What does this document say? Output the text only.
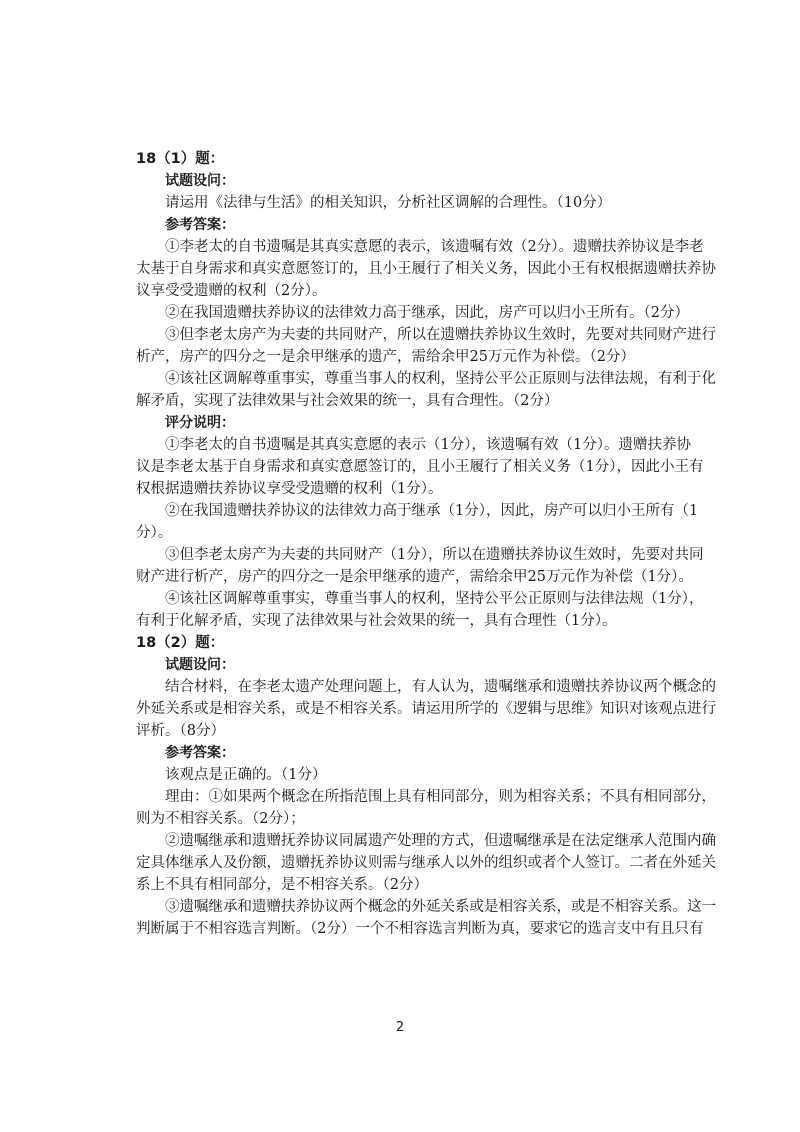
18（1）题：

试题设问：

请运用《法律与生活》的相关知识，分析社区调解的合理性。（10分）

参考答案：

①李老太的自书遗嘱是其真实意愿的表示，该遗嘱有效（2分）。遗赠扶养协议是李老

太基于自身需求和真实意愿签订的，且小王履行了相关义务，因此小王有权根据遗赠扶养协

议享受受遗赠的权利（2分）。

②在我国遗赠扶养协议的法律效力高于继承，因此，房产可以归小王所有。（2分）

③但李老太房产为夫妻的共同财产，所以在遗赠扶养协议生效时，先要对共同财产进行

析产，房产的四分之一是余甲继承的遗产，需给余甲25万元作为补偿。（2分）

④该社区调解尊重事实，尊重当事人的权利，坚持公平公正原则与法律法规，有利于化

解矛盾，实现了法律效果与社会效果的统一，具有合理性。（2分）

评分说明：

①李老太的自书遗嘱是其真实意愿的表示（1分），该遗嘱有效（1分）。遗赠扶养协

议是李老太基于自身需求和真实意愿签订的，且小王履行了相关义务（1分），因此小王有

权根据遗赠扶养协议享受受遗赠的权利（1分）。

②在我国遗赠扶养协议的法律效力高于继承（1分），因此，房产可以归小王所有（1

分）。

③但李老太房产为夫妻的共同财产（1分），所以在遗赠扶养协议生效时，先要对共同

财产进行析产，房产的四分之一是余甲继承的遗产，需给余甲25万元作为补偿（1分）。

④该社区调解尊重事实，尊重当事人的权利，坚持公平公正原则与法律法规（1分），

有利于化解矛盾，实现了法律效果与社会效果的统一，具有合理性（1分）。

18（2）题：

试题设问：

结合材料，在李老太遗产处理问题上，有人认为，遗嘱继承和遗赠扶养协议两个概念的

外延关系或是相容关系，或是不相容关系。请运用所学的《逻辑与思维》知识对该观点进行

评析。（8分）

参考答案：

该观点是正确的。（1分）

理由：①如果两个概念在所指范围上具有相同部分，则为相容关系；不具有相同部分，

则为不相容关系。（2分）；

②遗嘱继承和遗赠抚养协议同属遗产处理的方式，但遗嘱继承是在法定继承人范围内确

定具体继承人及份额，遗赠抚养协议则需与继承人以外的组织或者个人签订。二者在外延关

系上不具有相同部分，是不相容关系。（2分）

③遗嘱继承和遗赠扶养协议两个概念的外延关系或是相容关系，或是不相容关系。这一

判断属于不相容选言判断。（2分）一个不相容选言判断为真，要求它的选言支中有且只有

2
